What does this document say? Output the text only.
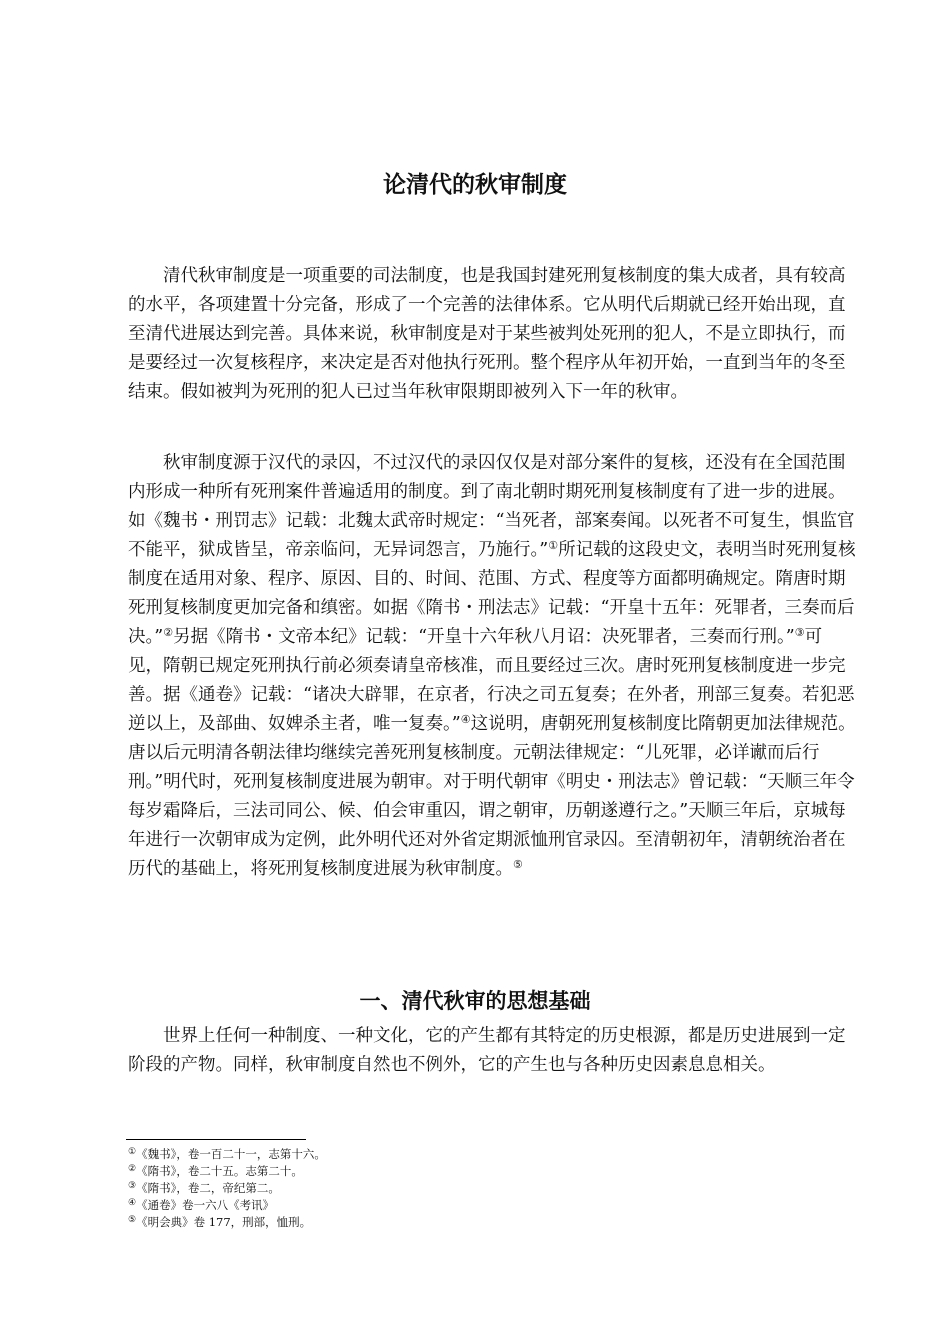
论清代的秋审制度

清代秋审制度是一项重要的司法制度，也是我国封建死刑复核制度的集大成者，具有较高的水平，各项建置十分完备，形成了一个完善的法律体系。它从明代后期就已经开始出现，直至清代进展达到完善。具体来说，秋审制度是对于某些被判处死刑的犯人，不是立即执行，而是要经过一次复核程序，来决定是否对他执行死刑。整个程序从年初开始，一直到当年的冬至结束。假如被判为死刑的犯人已过当年秋审限期即被列入下一年的秋审。

秋审制度源于汉代的录囚，不过汉代的录囚仅仅是对部分案件的复核，还没有在全国范围内形成一种所有死刑案件普遍适用的制度。到了南北朝时期死刑复核制度有了进一步的进展。如《魏书・刑罚志》记载：北魏太武帝时规定：“当死者，部案奏闻。以死者不可复生，惧监官不能平，狱成皆呈，帝亲临问，无异词怨言，乃施行。”①所记载的这段史文，表明当时死刑复核制度在适用对象、程序、原因、目的、时间、范围、方式、程度等方面都明确规定。隋唐时期死刑复核制度更加完备和缜密。如据《隋书・刑法志》记载：“开皇十五年：死罪者，三奏而后决。”②另据《隋书・文帝本纪》记载：“开皇十六年秋八月诏：决死罪者，三奏而行刑。”③可见，隋朝已规定死刑执行前必须奏请皇帝核准，而且要经过三次。唐时死刑复核制度进一步完善。据《通卷》记载：“诸决大辟罪，在京者，行决之司五复奏；在外者，刑部三复奏。若犯恶逆以上，及部曲、奴婢杀主者，唯一复奏。”④这说明，唐朝死刑复核制度比隋朝更加法律规范。唐以后元明清各朝法律均继续完善死刑复核制度。元朝法律规定：“儿死罪，必详谳而后行刑。”明代时，死刑复核制度进展为朝审。对于明代朝审《明史・刑法志》曾记载：“天顺三年令每岁霜降后，三法司同公、候、伯会审重囚，谓之朝审，历朝遂遵行之。”天顺三年后，京城每年进行一次朝审成为定例，此外明代还对外省定期派恤刑官录囚。至清朝初年，清朝统治者在历代的基础上，将死刑复核制度进展为秋审制度。⑤

一、清代秋审的思想基础

世界上任何一种制度、一种文化，它的产生都有其特定的历史根源，都是历史进展到一定阶段的产物。同样，秋审制度自然也不例外，它的产生也与各种历史因素息息相关。

①《魏书》，卷一百二十一，志第十六。
②《隋书》，卷二十五。志第二十。
③《隋书》，卷二，帝纪第二。
④《通卷》卷一六八《考讯》
⑤《明会典》卷 177，刑部，恤刑。
